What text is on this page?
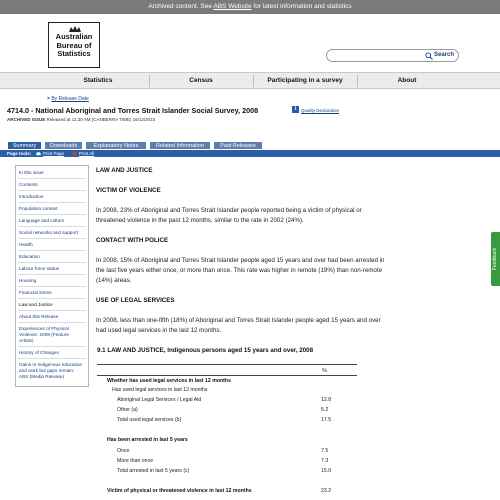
Archived content. See ABS Website for latest information and statistics
Australian
Bureau of
Statistics	Search
Statistics	Census	Participating in a survey	About
> By Release Date
4714.0 - National Aboriginal and Torres Strait Islander Social Survey, 2008	i	Quality Declaration
ARCHIVED ISSUE Released at 11:30 AM (CANBERRA TIME) 16/12/2010
Summary	Downloads	Explanatory Notes	Related Information	Past Releases
Page tools:	Print Page	Print All
In this issue
Contents
Introduction
Population context
Language and culture
Social networks and support
Health
Education
Labour force status
Housing
Financial stress
Law and Justice
About this Release
Experiences of Physical
Violence: 2008 (Feature
Article)
History of Changes
Gains in Indigenous education
and work but gaps remain:
ABS (Media Release)
LAW AND JUSTICE
VICTIM OF VIOLENCE
In 2008, 23% of Aboriginal and Torres Strait Islander people reported being a victim of physical or
threatened violence in the past 12 months, similar to the rate in 2002 (24%).
CONTACT WITH POLICE
In 2008, 15% of Aboriginal and Torres Strait Islander people aged 15 years and over had been arrested in
the last five years either once, or more than once. This rate was higher in remote (19%) than non-remote
(14%) areas.
USE OF LEGAL SERVICES
In 2008, less than one-fifth (18%) of Aboriginal and Torres Strait Islander people aged 15 years and over
had used legal services in the last 12 months.
9.1 LAW AND JUSTICE, Indigenous persons aged 15 years and over, 2008
%
Whether has used legal services in last 12 months
Has used legal services in last 12 months
Aboriginal Legal Services / Legal Aid	12.8
Other (a)	5.2
Total used legal services (b)	17.5
Has been arrested in last 5 years
Once	7.5
More than once	7.3
Total arrested in last 5 years (c)	15.0
Victim of physical or threatened violence in last 12 months	23.2
Feedback
